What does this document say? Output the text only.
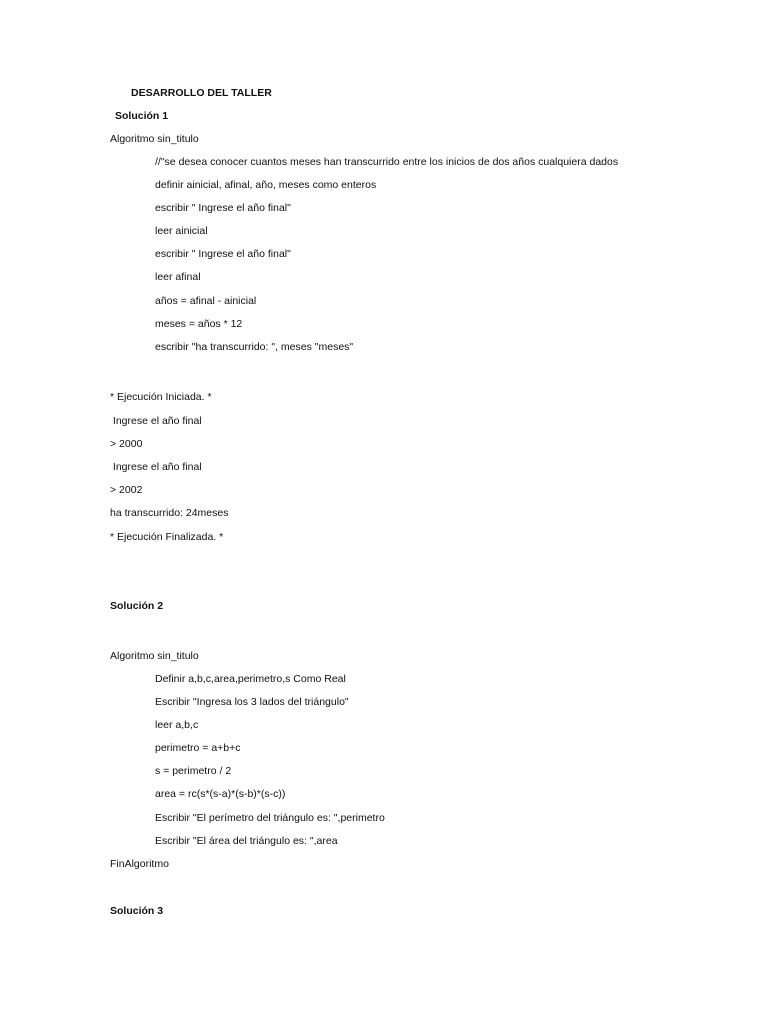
DESARROLLO DEL TALLER
Solución 1
Algoritmo sin_titulo
//"se desea conocer cuantos meses han transcurrido entre los inicios de dos años cualquiera dados
definir ainicial, afinal, año, meses como enteros
escribir " Ingrese el año final"
leer ainicial
escribir " Ingrese el año final"
leer afinal
años = afinal - ainicial
meses = años * 12
escribir "ha transcurrido: ", meses "meses"
* Ejecución Iniciada. *
Ingrese el año final
> 2000
Ingrese el año final
> 2002
ha transcurrido: 24meses
* Ejecución Finalizada. *
Solución 2
Algoritmo sin_titulo
Definir a,b,c,area,perimetro,s Como Real
Escribir "Ingresa los 3 lados del triángulo"
leer a,b,c
perimetro = a+b+c
s = perimetro / 2
area = rc(s*(s-a)*(s-b)*(s-c))
Escribir "El perímetro del triángulo es: ",perimetro
Escribir "El área del triángulo es: ",area
FinAlgoritmo
Solución 3
